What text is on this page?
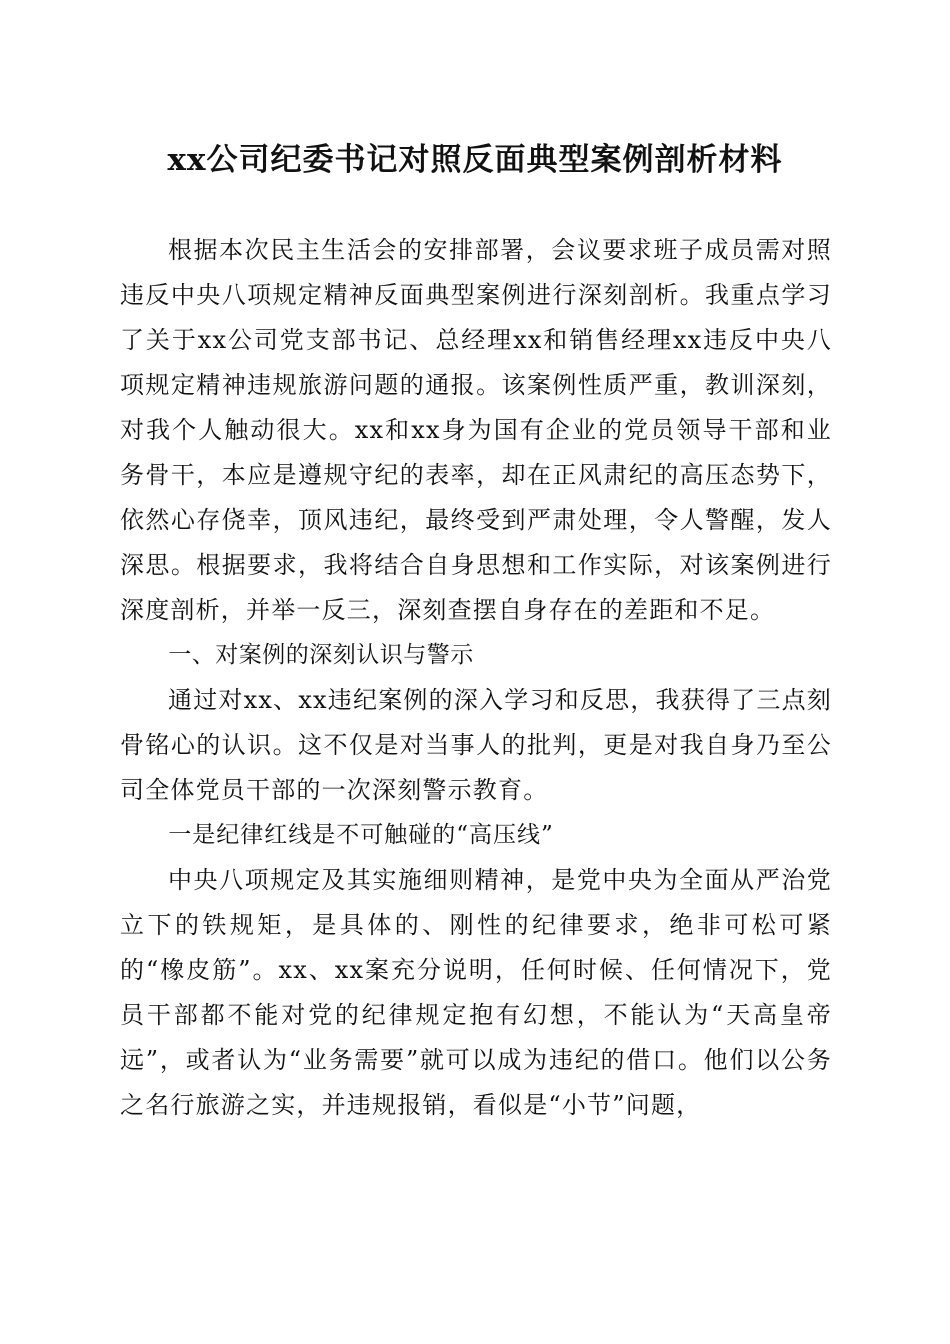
xx公司纪委书记对照反面典型案例剖析材料

根据本次民主生活会的安排部署，会议要求班子成员需对照违反中央八项规定精神反面典型案例进行深刻剖析。我重点学习了关于xx公司党支部书记、总经理xx和销售经理xx违反中央八项规定精神违规旅游问题的通报。该案例性质严重，教训深刻，对我个人触动很大。xx和xx身为国有企业的党员领导干部和业务骨干，本应是遵规守纪的表率，却在正风肃纪的高压态势下，依然心存侥幸，顶风违纪，最终受到严肃处理，令人警醒，发人深思。根据要求，我将结合自身思想和工作实际，对该案例进行深度剖析，并举一反三，深刻查摆自身存在的差距和不足。

一、对案例的深刻认识与警示

通过对xx、xx违纪案例的深入学习和反思，我获得了三点刻骨铭心的认识。这不仅是对当事人的批判，更是对我自身乃至公司全体党员干部的一次深刻警示教育。

一是纪律红线是不可触碰的“高压线”

中央八项规定及其实施细则精神，是党中央为全面从严治党立下的铁规矩，是具体的、刚性的纪律要求，绝非可松可紧的“橡皮筋”。xx、xx案充分说明，任何时候、任何情况下，党员干部都不能对党的纪律规定抱有幻想，不能认为“天高皇帝远”，或者认为“业务需要”就可以成为违纪的借口。他们以公务之名行旅游之实，并违规报销，看似是“小节”问题，
